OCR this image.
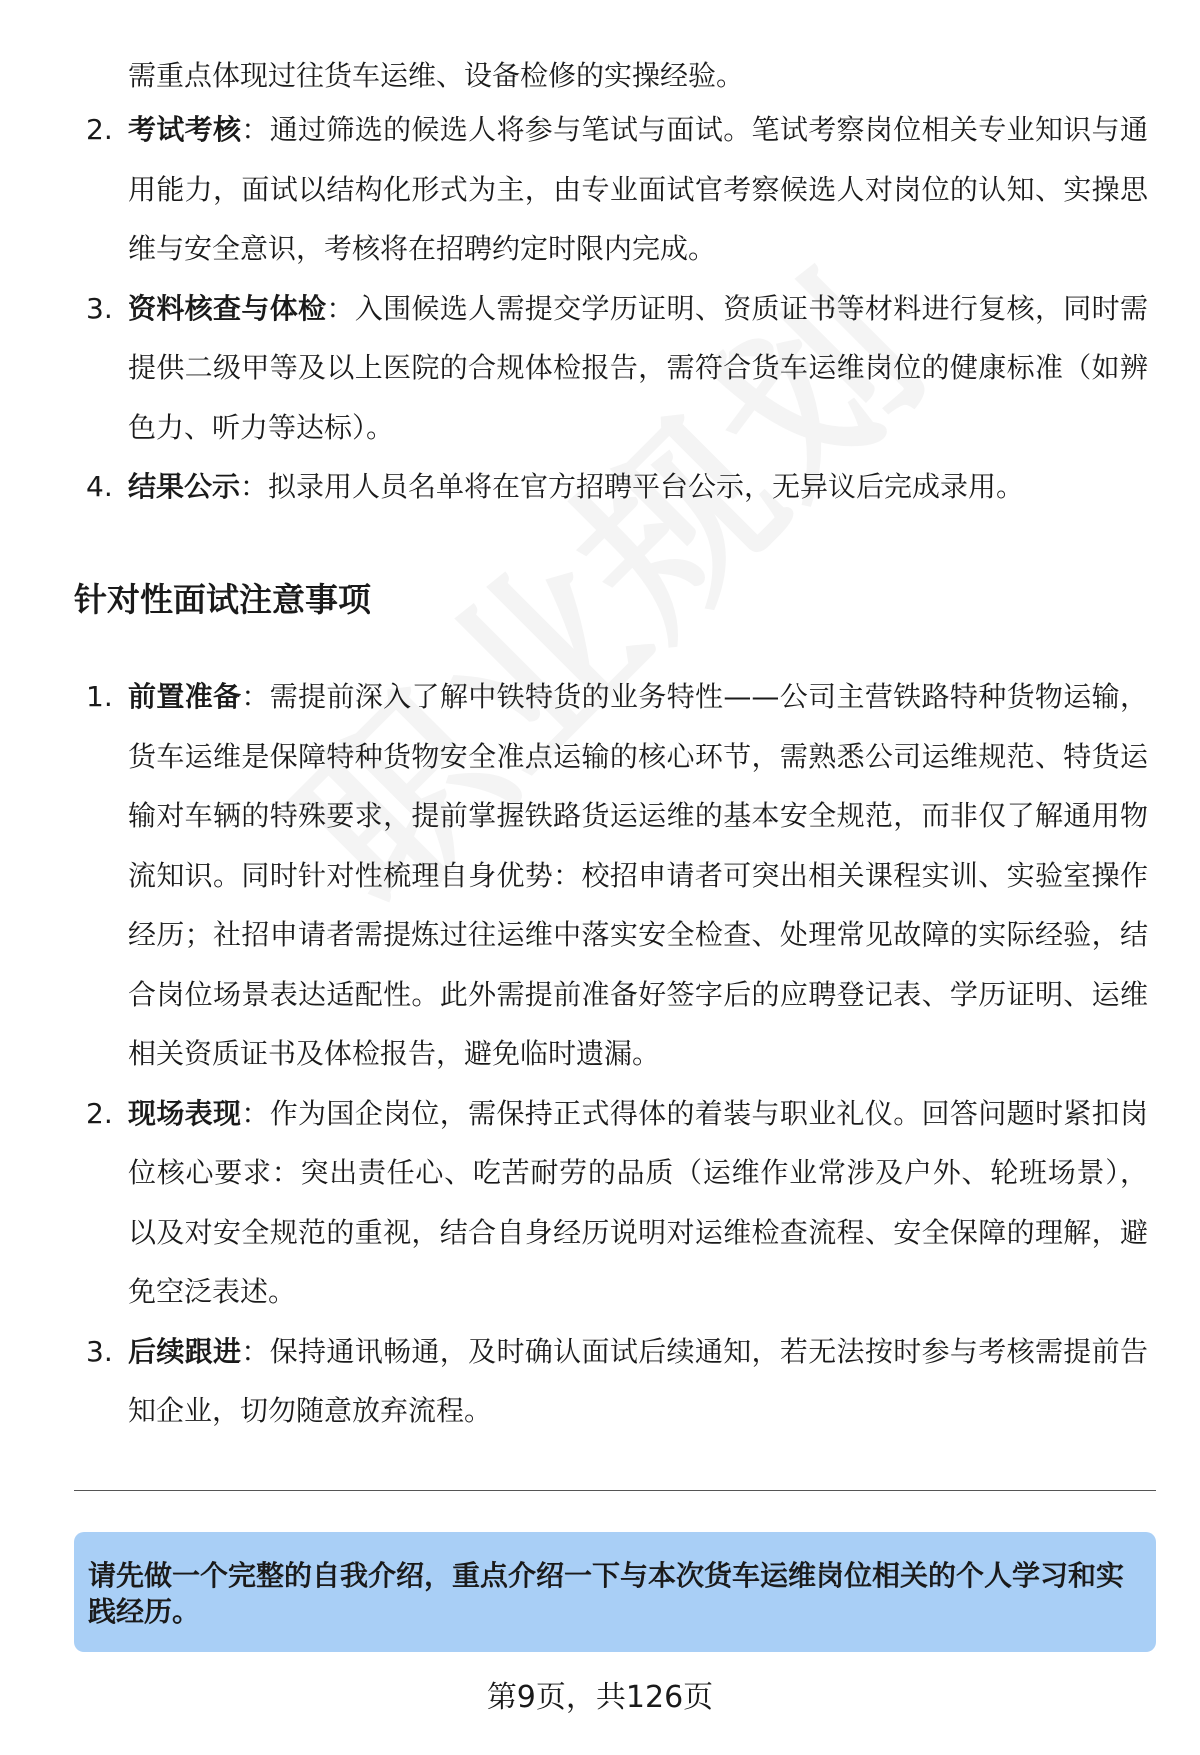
需重点体现过往货车运维、设备检修的实操经验。

2. 考试考核：通过筛选的候选人将参与笔试与面试。笔试考察岗位相关专业知识与通用能力，面试以结构化形式为主，由专业面试官考察候选人对岗位的认知、实操思维与安全意识，考核将在招聘约定时限内完成。
3. 资料核查与体检：入围候选人需提交学历证明、资质证书等材料进行复核，同时需提供二级甲等及以上医院的合规体检报告，需符合货车运维岗位的健康标准（如辨色力、听力等达标）。
4. 结果公示：拟录用人员名单将在官方招聘平台公示，无异议后完成录用。
针对性面试注意事项
1. 前置准备：需提前深入了解中铁特货的业务特性——公司主营铁路特种货物运输，货车运维是保障特种货物安全准点运输的核心环节，需熟悉公司运维规范、特货运输对车辆的特殊要求，提前掌握铁路货运运维的基本安全规范，而非仅了解通用物流知识。同时针对性梳理自身优势：校招申请者可突出相关课程实训、实验室操作经历；社招申请者需提炼过往运维中落实安全检查、处理常见故障的实际经验，结合岗位场景表达适配性。此外需提前准备好签字后的应聘登记表、学历证明、运维相关资质证书及体检报告，避免临时遗漏。
2. 现场表现：作为国企岗位，需保持正式得体的着装与职业礼仪。回答问题时紧扣岗位核心要求：突出责任心、吃苦耐劳的品质（运维作业常涉及户外、轮班场景），以及对安全规范的重视，结合自身经历说明对运维检查流程、安全保障的理解，避免空泛表述。
3. 后续跟进：保持通讯畅通，及时确认面试后续通知，若无法按时参与考核需提前告知企业，切勿随意放弃流程。

请先做一个完整的自我介绍，重点介绍一下与本次货车运维岗位相关的个人学习和实践经历。

第9页，共126页
